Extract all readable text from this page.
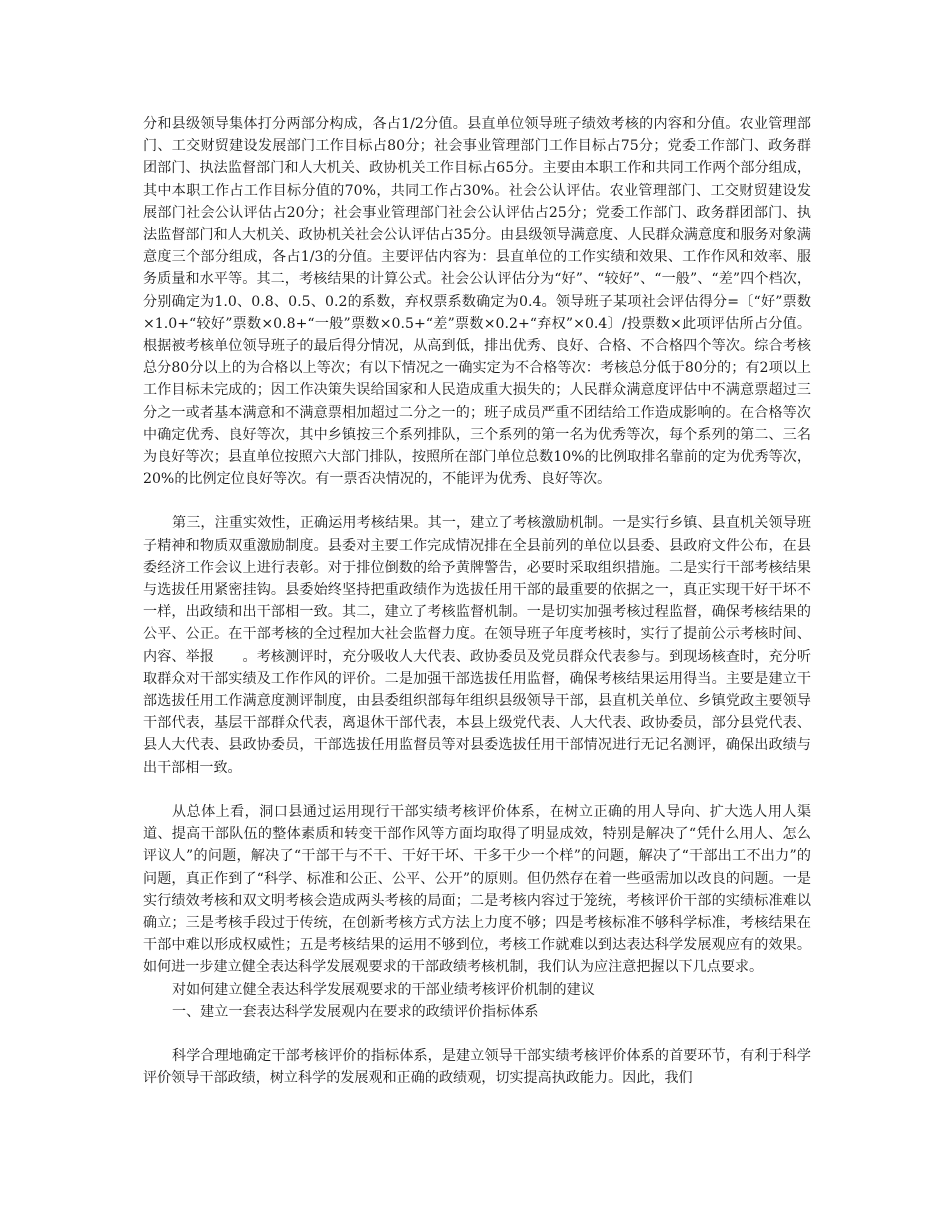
分和县级领导集体打分两部分构成，各占1/2分值。县直单位领导班子绩效考核的内容和分值。农业管理部门、工交财贸建设发展部门工作目标占80分；社会事业管理部门工作目标占75分；党委工作部门、政务群团部门、执法监督部门和人大机关、政协机关工作目标占65分。主要由本职工作和共同工作两个部分组成，其中本职工作占工作目标分值的70%，共同工作占30%。社会公认评估。农业管理部门、工交财贸建设发展部门社会公认评估占20分；社会事业管理部门社会公认评估占25分；党委工作部门、政务群团部门、执法监督部门和人大机关、政协机关社会公认评估占35分。由县级领导满意度、人民群众满意度和服务对象满意度三个部分组成，各占1/3的分值。主要评估内容为：县直单位的工作实绩和效果、工作作风和效率、服务质量和水平等。其二，考核结果的计算公式。社会公认评估分为“好”、“较好”、“一般”、“差”四个档次，分别确定为1.0、0.8、0.5、0.2的系数，弃权票系数确定为0.4。领导班子某项社会评估得分=〔“好”票数×1.0+“较好”票数×0.8+“一般”票数×0.5+“差”票数×0.2+“弃权”×0.4〕/投票数×此项评估所占分值。根据被考核单位领导班子的最后得分情况，从高到低，排出优秀、良好、合格、不合格四个等次。综合考核总分80分以上的为合格以上等次；有以下情况之一确实定为不合格等次：考核总分低于80分的；有2项以上工作目标未完成的；因工作决策失误给国家和人民造成重大损失的；人民群众满意度评估中不满意票超过三分之一或者基本满意和不满意票相加超过二分之一的；班子成员严重不团结给工作造成影响的。在合格等次中确定优秀、良好等次，其中乡镇按三个系列排队，三个系列的第一名为优秀等次，每个系列的第二、三名为良好等次；县直单位按照六大部门排队，按照所在部门单位总数10%的比例取排名靠前的定为优秀等次，20%的比例定位良好等次。有一票否决情况的，不能评为优秀、良好等次。

第三，注重实效性，正确运用考核结果。其一，建立了考核激励机制。一是实行乡镇、县直机关领导班子精神和物质双重激励制度。县委对主要工作完成情况排在全县前列的单位以县委、县政府文件公布，在县委经济工作会议上进行表彰。对于排位倒数的给予黄牌警告，必要时采取组织措施。二是实行干部考核结果与选拔任用紧密挂钩。县委始终坚持把重政绩作为选拔任用干部的最重要的依据之一，真正实现干好干坏不一样，出政绩和出干部相一致。其二，建立了考核监督机制。一是切实加强考核过程监督，确保考核结果的公平、公正。在干部考核的全过程加大社会监督力度。在领导班子年度考核时，实行了提前公示考核时间、内容、举报　　。考核测评时，充分吸收人大代表、政协委员及党员群众代表参与。到现场核查时，充分听取群众对干部实绩及工作作风的评价。二是加强干部选拔任用监督，确保考核结果运用得当。主要是建立干部选拔任用工作满意度测评制度，由县委组织部每年组织县级领导干部，县直机关单位、乡镇党政主要领导干部代表，基层干部群众代表，离退休干部代表，本县上级党代表、人大代表、政协委员，部分县党代表、县人大代表、县政协委员，干部选拔任用监督员等对县委选拔任用干部情况进行无记名测评，确保出政绩与出干部相一致。

从总体上看，洞口县通过运用现行干部实绩考核评价体系，在树立正确的用人导向、扩大选人用人渠道、提高干部队伍的整体素质和转变干部作风等方面均取得了明显成效，特别是解决了“凭什么用人、怎么评议人”的问题，解决了“干部干与不干、干好干坏、干多干少一个样”的问题，解决了“干部出工不出力”的问题，真正作到了“科学、标准和公正、公平、公开”的原则。但仍然存在着一些亟需加以改良的问题。一是实行绩效考核和双文明考核会造成两头考核的局面；二是考核内容过于笼统，考核评价干部的实绩标准难以确立；三是考核手段过于传统，在创新考核方式方法上力度不够；四是考核标准不够科学标准，考核结果在干部中难以形成权威性；五是考核结果的运用不够到位，考核工作就难以到达表达科学发展观应有的效果。如何进一步建立健全表达科学发展观要求的干部政绩考核机制，我们认为应注意把握以下几点要求。

对如何建立健全表达科学发展观要求的干部业绩考核评价机制的建议

一、建立一套表达科学发展观内在要求的政绩评价指标体系

科学合理地确定干部考核评价的指标体系，是建立领导干部实绩考核评价体系的首要环节，有利于科学评价领导干部政绩，树立科学的发展观和正确的政绩观，切实提高执政能力。因此，我们
